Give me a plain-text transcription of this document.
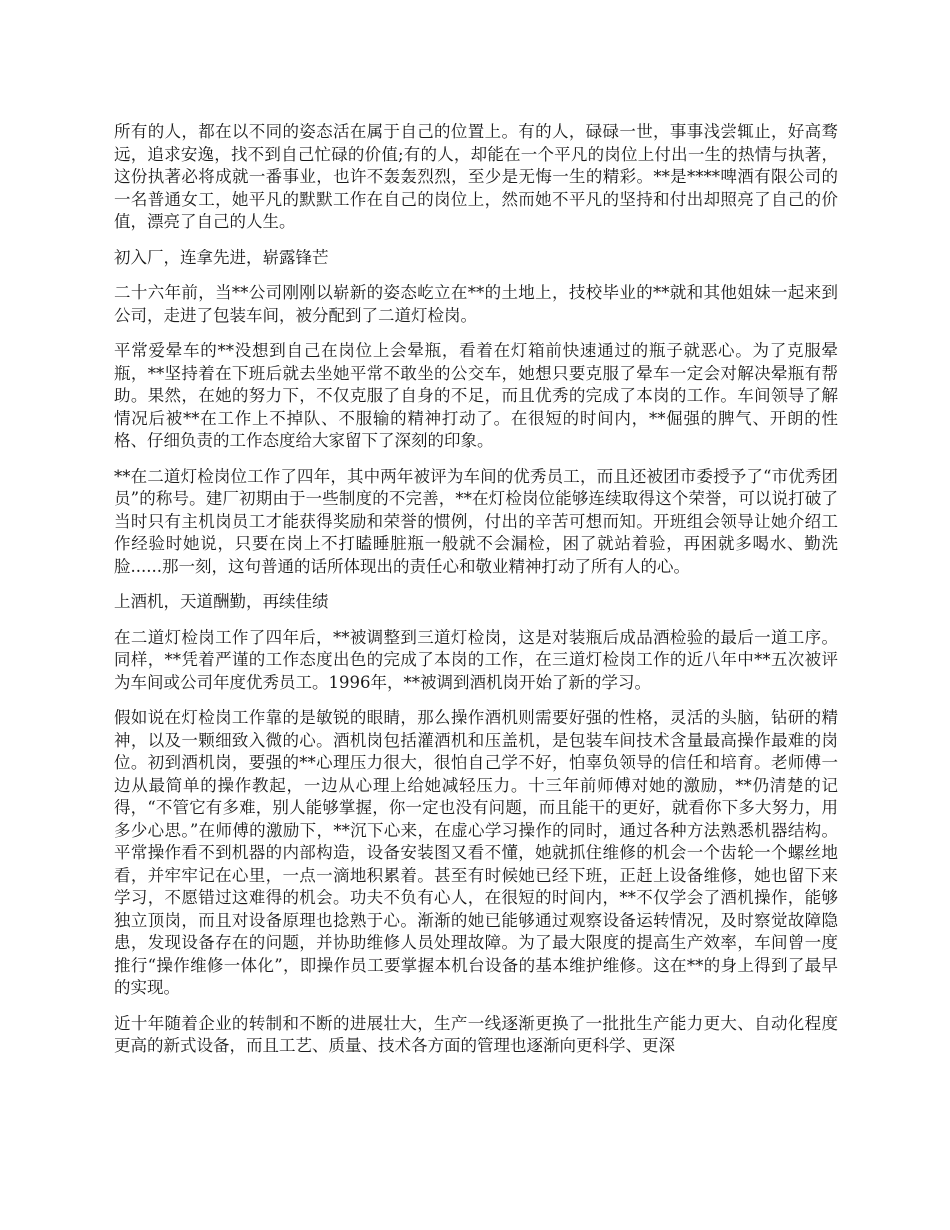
所有的人，都在以不同的姿态活在属于自己的位置上。有的人，碌碌一世，事事浅尝辄止，好高骛远，追求安逸，找不到自己忙碌的价值;有的人，却能在一个平凡的岗位上付出一生的热情与执著，这份执著必将成就一番事业，也许不轰轰烈烈，至少是无悔一生的精彩。**是****啤酒有限公司的一名普通女工，她平凡的默默工作在自己的岗位上，然而她不平凡的坚持和付出却照亮了自己的价值，漂亮了自己的人生。

初入厂，连拿先进，崭露锋芒

二十六年前，当**公司刚刚以崭新的姿态屹立在**的土地上，技校毕业的**就和其他姐妹一起来到公司，走进了包装车间，被分配到了二道灯检岗。

平常爱晕车的**没想到自己在岗位上会晕瓶，看着在灯箱前快速通过的瓶子就恶心。为了克服晕瓶，**坚持着在下班后就去坐她平常不敢坐的公交车，她想只要克服了晕车一定会对解决晕瓶有帮助。果然，在她的努力下，不仅克服了自身的不足，而且优秀的完成了本岗的工作。车间领导了解情况后被**在工作上不掉队、不服输的精神打动了。在很短的时间内，**倔强的脾气、开朗的性格、仔细负责的工作态度给大家留下了深刻的印象。

**在二道灯检岗位工作了四年，其中两年被评为车间的优秀员工，而且还被团市委授予了“市优秀团员”的称号。建厂初期由于一些制度的不完善，**在灯检岗位能够连续取得这个荣誉，可以说打破了当时只有主机岗员工才能获得奖励和荣誉的惯例，付出的辛苦可想而知。开班组会领导让她介绍工作经验时她说，只要在岗上不打瞌睡脏瓶一般就不会漏检，困了就站着验，再困就多喝水、勤洗脸......那一刻，这句普通的话所体现出的责任心和敬业精神打动了所有人的心。

上酒机，天道酬勤，再续佳绩

在二道灯检岗工作了四年后，**被调整到三道灯检岗，这是对装瓶后成品酒检验的最后一道工序。同样，**凭着严谨的工作态度出色的完成了本岗的工作，在三道灯检岗工作的近八年中**五次被评为车间或公司年度优秀员工。1996年，**被调到酒机岗开始了新的学习。

假如说在灯检岗工作靠的是敏锐的眼睛，那么操作酒机则需要好强的性格，灵活的头脑，钻研的精神，以及一颗细致入微的心。酒机岗包括灌酒机和压盖机，是包装车间技术含量最高操作最难的岗位。初到酒机岗，要强的**心理压力很大，很怕自己学不好，怕辜负领导的信任和培育。老师傅一边从最简单的操作教起，一边从心理上给她减轻压力。十三年前师傅对她的激励，**仍清楚的记得，“不管它有多难，别人能够掌握，你一定也没有问题，而且能干的更好，就看你下多大努力，用多少心思。”在师傅的激励下，**沉下心来，在虚心学习操作的同时，通过各种方法熟悉机器结构。平常操作看不到机器的内部构造，设备安装图又看不懂，她就抓住维修的机会一个齿轮一个螺丝地看，并牢牢记在心里，一点一滴地积累着。甚至有时候她已经下班，正赶上设备维修，她也留下来学习，不愿错过这难得的机会。功夫不负有心人，在很短的时间内，**不仅学会了酒机操作，能够独立顶岗，而且对设备原理也捻熟于心。渐渐的她已能够通过观察设备运转情况，及时察觉故障隐患，发现设备存在的问题，并协助维修人员处理故障。为了最大限度的提高生产效率，车间曾一度推行“操作维修一体化”，即操作员工要掌握本机台设备的基本维护维修。这在**的身上得到了最早的实现。

近十年随着企业的转制和不断的进展壮大，生产一线逐渐更换了一批批生产能力更大、自动化程度更高的新式设备，而且工艺、质量、技术各方面的管理也逐渐向更科学、更深
